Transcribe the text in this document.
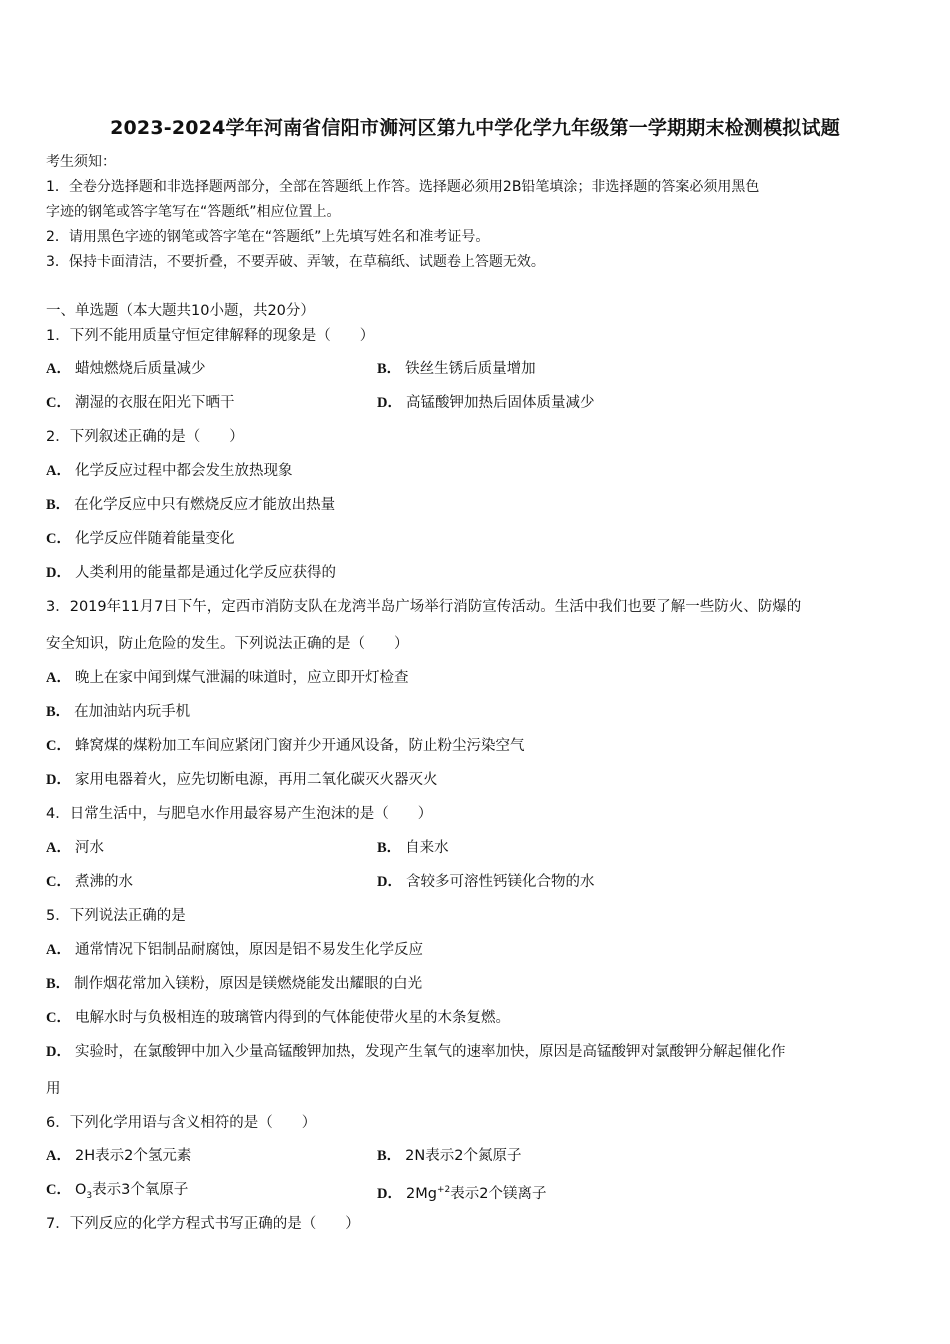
2023-2024学年河南省信阳市浉河区第九中学化学九年级第一学期期末检测模拟试题
考生须知：
1．全卷分选择题和非选择题两部分，全部在答题纸上作答。选择题必须用2B铅笔填涂；非选择题的答案必须用黑色
字迹的钢笔或答字笔写在“答题纸”相应位置上。
2．请用黑色字迹的钢笔或答字笔在“答题纸”上先填写姓名和准考证号。
3．保持卡面清洁，不要折叠，不要弄破、弄皱，在草稿纸、试题卷上答题无效。
一、单选题（本大题共10小题，共20分）
1．下列不能用质量守恒定律解释的现象是（　　）
A． 蜡烛燃烧后质量减少	B． 铁丝生锈后质量增加
C． 潮湿的衣服在阳光下晒干	D． 高锰酸钾加热后固体质量减少
2．下列叙述正确的是（　　）
A． 化学反应过程中都会发生放热现象
B． 在化学反应中只有燃烧反应才能放出热量
C． 化学反应伴随着能量变化
D． 人类利用的能量都是通过化学反应获得的
3．2019年11月7日下午，定西市消防支队在龙湾半岛广场举行消防宣传活动。生活中我们也要了解一些防火、防爆的
安全知识，防止危险的发生。下列说法正确的是（　　）
A． 晚上在家中闻到煤气泄漏的味道时，应立即开灯检查
B． 在加油站内玩手机
C． 蜂窝煤的煤粉加工车间应紧闭门窗并少开通风设备，防止粉尘污染空气
D． 家用电器着火，应先切断电源，再用二氧化碳灭火器灭火
4．日常生活中，与肥皂水作用最容易产生泡沫的是（　　）
A． 河水	B． 自来水
C． 煮沸的水	D． 含较多可溶性钙镁化合物的水
5．下列说法正确的是
A． 通常情况下铝制品耐腐蚀，原因是铝不易发生化学反应
B． 制作烟花常加入镁粉，原因是镁燃烧能发出耀眼的白光
C． 电解水时与负极相连的玻璃管内得到的气体能使带火星的木条复燃。
D． 实验时，在氯酸钾中加入少量高锰酸钾加热，发现产生氧气的速率加快，原因是高锰酸钾对氯酸钾分解起催化作
用
6．下列化学用语与含义相符的是（　　）
A． 2H表示2个氢元素	B． 2N表示2个氮原子
C． $O_3$表示3个氧原子	D． $2Mg^{+2}$表示2个镁离子
7．下列反应的化学方程式书写正确的是（　　）
